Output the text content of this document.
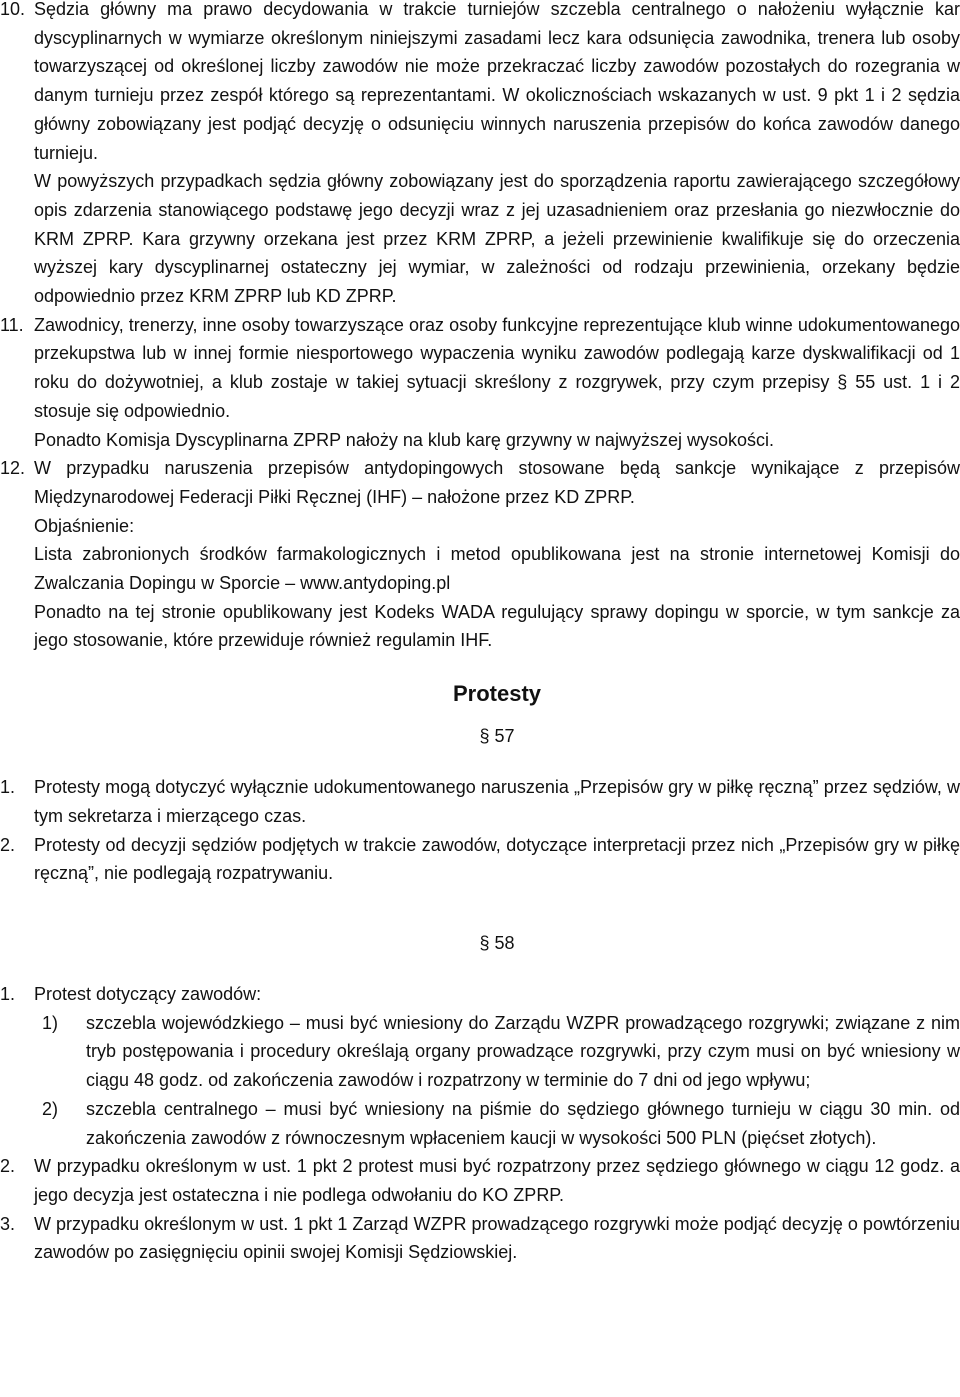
10. Sędzia główny ma prawo decydowania w trakcie turniejów szczebla centralnego o nałożeniu wyłącznie kar dyscyplinarnych w wymiarze określonym niniejszymi zasadami lecz kara odsunięcia zawodnika, trenera lub osoby towarzyszącej od określonej liczby zawodów nie może przekraczać liczby zawodów pozostałych do rozegrania w danym turnieju przez zespół którego są reprezentantami. W okolicznościach wskazanych w ust. 9 pkt 1 i 2 sędzia główny zobowiązany jest podjąć decyzję o odsunięciu winnych naruszenia przepisów do końca zawodów danego turnieju.

W powyższych przypadkach sędzia główny zobowiązany jest do sporządzenia raportu zawierającego szczegółowy opis zdarzenia stanowiącego podstawę jego decyzji wraz z jej uzasadnieniem oraz przesłania go niezwłocznie do KRM ZPRP. Kara grzywny orzekana jest przez KRM ZPRP, a jeżeli przewinienie kwalifikuje się do orzeczenia wyższej kary dyscyplinarnej ostateczny jej wymiar, w zależności od rodzaju przewinienia, orzekany będzie odpowiednio przez KRM ZPRP lub KD ZPRP.

11. Zawodnicy, trenerzy, inne osoby towarzyszące oraz osoby funkcyjne reprezentujące klub winne udokumentowanego przekupstwa lub w innej formie niesportowego wypaczenia wyniku zawodów podlegają karze dyskwalifikacji od 1 roku do dożywotniej, a klub zostaje w takiej sytuacji skreślony z rozgrywek, przy czym przepisy § 55 ust. 1 i 2 stosuje się odpowiednio.

Ponadto Komisja Dyscyplinarna ZPRP nałoży na klub karę grzywny w najwyższej wysokości.

12. W przypadku naruszenia przepisów antydopingowych stosowane będą sankcje wynikające z przepisów Międzynarodowej Federacji Piłki Ręcznej (IHF) – nałożone przez KD ZPRP.

Objaśnienie:

Lista zabronionych środków farmakologicznych i metod opublikowana jest na stronie internetowej Komisji do Zwalczania Dopingu w Sporcie – www.antydoping.pl

Ponadto na tej stronie opublikowany jest Kodeks WADA regulujący sprawy dopingu w sporcie, w tym sankcje za jego stosowanie, które przewiduje również regulamin IHF.

Protesty
§ 57
1.	Protesty mogą dotyczyć wyłącznie udokumentowanego naruszenia „Przepisów gry w piłkę ręczną” przez sędziów, w tym sekretarza i mierzącego czas.

2.	Protesty od decyzji sędziów podjętych w trakcie zawodów, dotyczące interpretacji przez nich „Przepisów gry w piłkę ręczną”, nie podlegają rozpatrywaniu.

§ 58
1.	Protest dotyczący zawodów:

1)	szczebla wojewódzkiego – musi być wniesiony do Zarządu WZPR prowadzącego rozgrywki; związane z nim tryb postępowania i procedury określają organy prowadzące rozgrywki, przy czym musi on być wniesiony w ciągu 48 godz. od zakończenia zawodów i rozpatrzony w terminie do 7 dni od jego wpływu;

2)	szczebla centralnego – musi być wniesiony na piśmie do sędziego głównego turnieju w ciągu 30 min. od zakończenia zawodów z równoczesnym wpłaceniem kaucji w wysokości 500 PLN (pięćset złotych).

2.	W przypadku określonym w ust. 1 pkt 2 protest musi być rozpatrzony przez sędziego głównego w ciągu 12 godz. a jego decyzja jest ostateczna i nie podlega odwołaniu do KO ZPRP.

3.	W przypadku określonym w ust. 1 pkt 1 Zarząd WZPR prowadzącego rozgrywki może podjąć decyzję o powtórzeniu zawodów po zasięgnięciu opinii swojej Komisji Sędziowskiej.
